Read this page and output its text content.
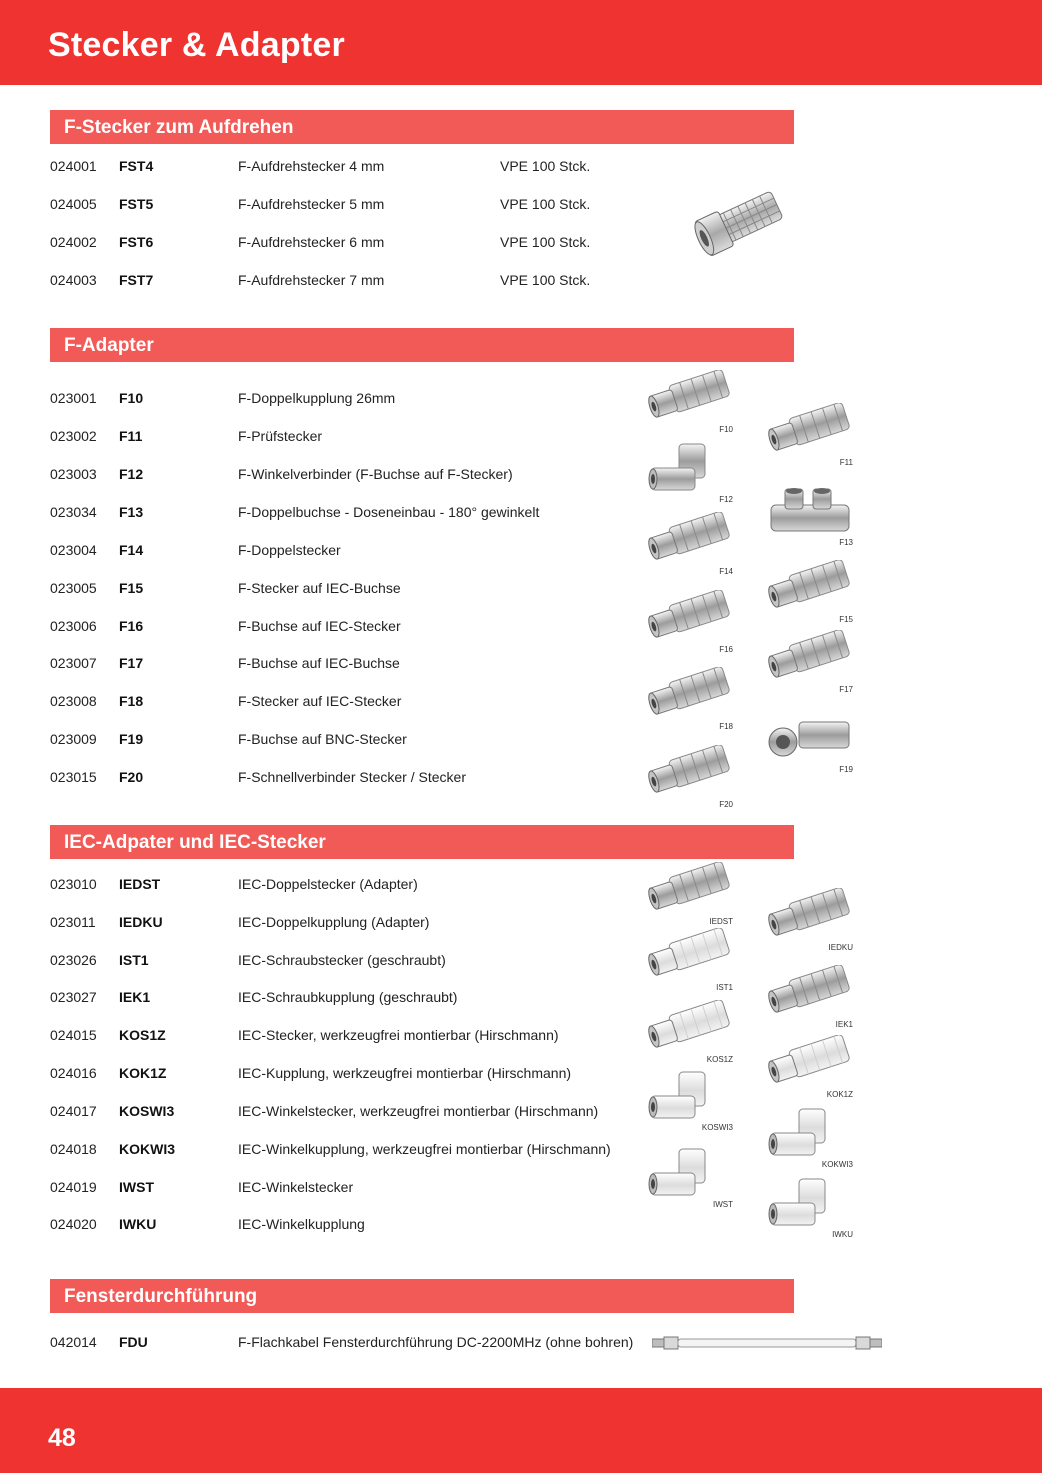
Stecker & Adapter
F-Stecker zum Aufdrehen
024001 FST4	F-Aufdrehstecker 4 mm	VPE 100 Stck.
024005 FST5	F-Aufdrehstecker 5 mm	VPE 100 Stck.
024002 FST6	F-Aufdrehstecker 6 mm	VPE 100 Stck.
024003 FST7	F-Aufdrehstecker 7 mm	VPE 100 Stck.
F-Adapter
023001 F10	F-Doppelkupplung 26mm
023002 F11	F-Prüfstecker
023003 F12	F-Winkelverbinder (F-Buchse auf F-Stecker)
023034 F13	F-Doppelbuchse - Doseneinbau - 180° gewinkelt
023004 F14	F-Doppelstecker
023005 F15	F-Stecker auf IEC-Buchse
023006 F16	F-Buchse auf IEC-Stecker
023007 F17	F-Buchse auf IEC-Buchse
023008 F18	F-Stecker auf IEC-Stecker
023009 F19	F-Buchse auf BNC-Stecker
023015 F20	F-Schnellverbinder Stecker / Stecker
IEC-Adpater und IEC-Stecker
023010 IEDST	IEC-Doppelstecker (Adapter)
023011 IEDKU	IEC-Doppelkupplung (Adapter)
023026 IST1	IEC-Schraubstecker (geschraubt)
023027 IEK1	IEC-Schraubkupplung (geschraubt)
024015 KOS1Z	IEC-Stecker, werkzeugfrei montierbar (Hirschmann)
024016 KOK1Z	IEC-Kupplung, werkzeugfrei montierbar (Hirschmann)
024017 KOSWI3	IEC-Winkelstecker, werkzeugfrei montierbar (Hirschmann)
024018 KOKWI3	IEC-Winkelkupplung, werkzeugfrei montierbar (Hirschmann)
024019 IWST	IEC-Winkelstecker
024020 IWKU	IEC-Winkelkupplung
Fensterdurchführung
042014 FDU	F-Flachkabel Fensterdurchführung DC-2200MHz (ohne bohren)
F10
F11
F12
F13
F14
F15
F16
F17
F18
F19
F20
IEDST
IEDKU
IST1
IEK1
KOS1Z
KOK1Z
KOSWI3
KOKWI3
IWST
IWKU
48
